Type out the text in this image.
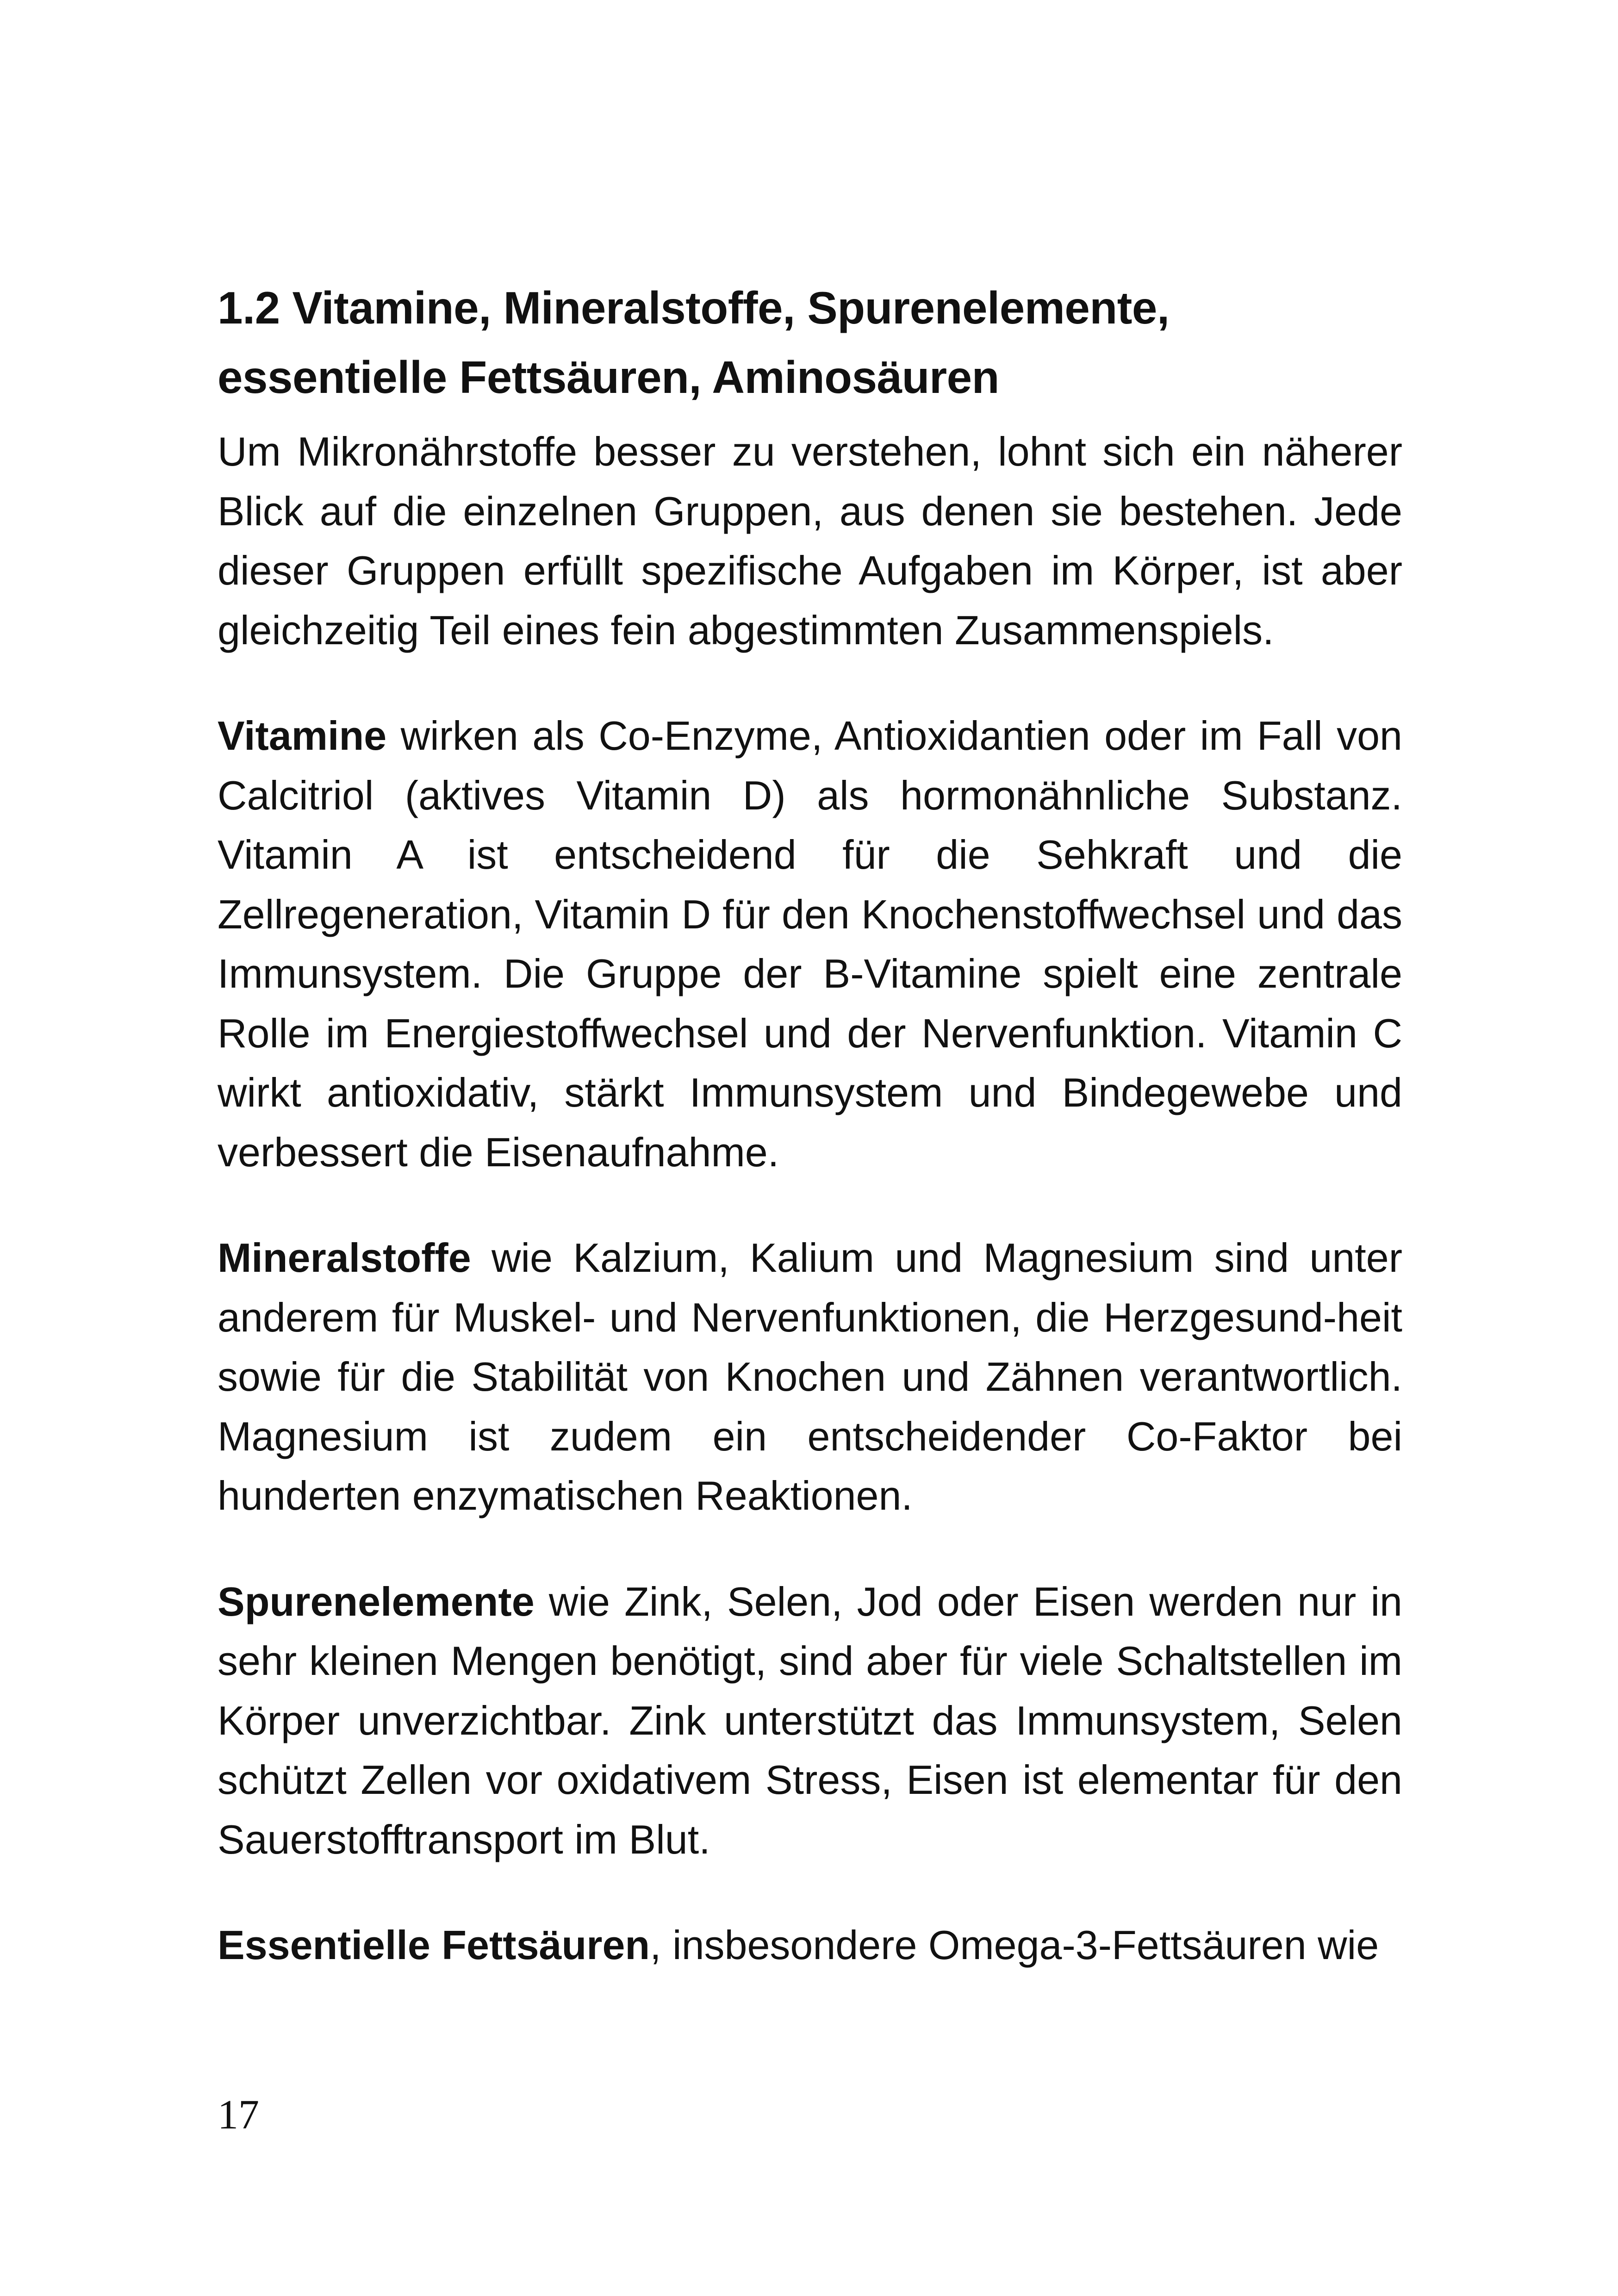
1.2 Vitamine, Mineralstoffe, Spurenelemente,
essentielle Fettsäuren, Aminosäuren

Um Mikronährstoffe besser zu verstehen, lohnt sich ein näherer Blick auf die einzelnen Gruppen, aus denen sie bestehen. Jede dieser Gruppen erfüllt spezifische Aufgaben im Körper, ist aber gleichzeitig Teil eines fein abgestimmten Zusammenspiels.

Vitamine wirken als Co-Enzyme, Antioxidantien oder im Fall von Calcitriol (aktives Vitamin D) als hormonähnliche Substanz. Vitamin A ist entscheidend für die Sehkraft und die Zellregeneration, Vitamin D für den Knochenstoffwechsel und das Immunsystem. Die Gruppe der B-Vitamine spielt eine zentrale Rolle im Energiestoffwechsel und der Nervenfunktion. Vitamin C wirkt antioxidativ, stärkt Immunsystem und Bindegewebe und verbessert die Eisenaufnahme.

Mineralstoffe wie Kalzium, Kalium und Magnesium sind unter anderem für Muskel- und Nervenfunktionen, die Herzgesund-heit sowie für die Stabilität von Knochen und Zähnen verantwortlich. Magnesium ist zudem ein entscheidender Co-Faktor bei hunderten enzymatischen Reaktionen.

Spurenelemente wie Zink, Selen, Jod oder Eisen werden nur in sehr kleinen Mengen benötigt, sind aber für viele Schaltstellen im Körper unverzichtbar. Zink unterstützt das Immunsystem, Selen schützt Zellen vor oxidativem Stress, Eisen ist elementar für den Sauerstofftransport im Blut.

Essentielle Fettsäuren, insbesondere Omega-3-Fettsäuren wie

17
